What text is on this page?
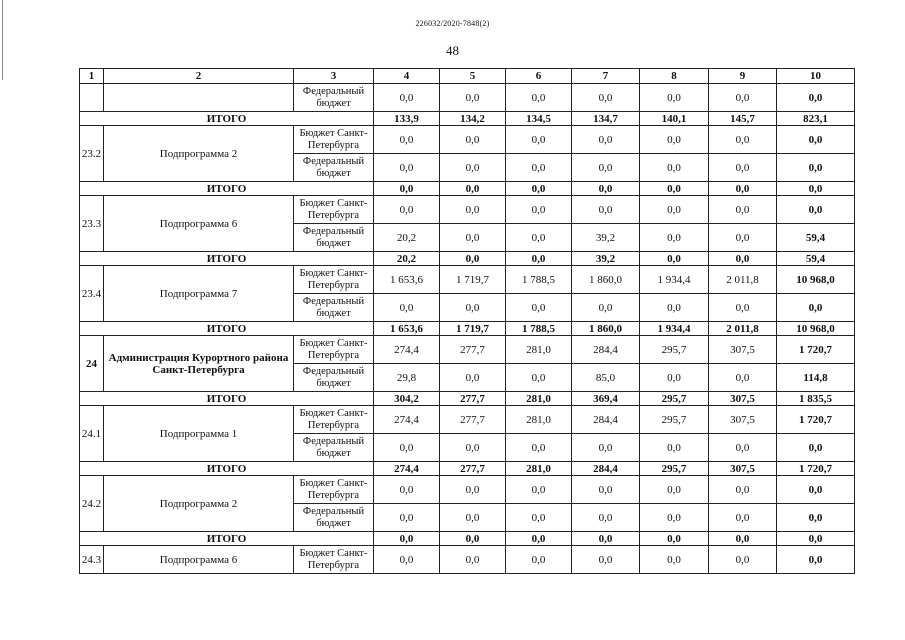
226032/2020-7848(2)
48
1	2	3	4	5	6	7	8	9	10
		Федеральный бюджет	0,0	0,0	0,0	0,0	0,0	0,0	0,0
ИТОГО			133,9	134,2	134,5	134,7	140,1	145,7	823,1
23.2	Подпрограмма 2	Бюджет Санкт-Петербурга	0,0	0,0	0,0	0,0	0,0	0,0	0,0
		Федеральный бюджет	0,0	0,0	0,0	0,0	0,0	0,0	0,0
ИТОГО			0,0	0,0	0,0	0,0	0,0	0,0	0,0
23.3	Подпрограмма 6	Бюджет Санкт-Петербурга	0,0	0,0	0,0	0,0	0,0	0,0	0,0
		Федеральный бюджет	20,2	0,0	0,0	39,2	0,0	0,0	59,4
ИТОГО			20,2	0,0	0,0	39,2	0,0	0,0	59,4
23.4	Подпрограмма 7	Бюджет Санкт-Петербурга	1 653,6	1 719,7	1 788,5	1 860,0	1 934,4	2 011,8	10 968,0
		Федеральный бюджет	0,0	0,0	0,0	0,0	0,0	0,0	0,0
ИТОГО			1 653,6	1 719,7	1 788,5	1 860,0	1 934,4	2 011,8	10 968,0
24	Администрация Курортного района Санкт-Петербурга	Бюджет Санкт-Петербурга	274,4	277,7	281,0	284,4	295,7	307,5	1 720,7
		Федеральный бюджет	29,8	0,0	0,0	85,0	0,0	0,0	114,8
ИТОГО			304,2	277,7	281,0	369,4	295,7	307,5	1 835,5
24.1	Подпрограмма 1	Бюджет Санкт-Петербурга	274,4	277,7	281,0	284,4	295,7	307,5	1 720,7
		Федеральный бюджет	0,0	0,0	0,0	0,0	0,0	0,0	0,0
ИТОГО			274,4	277,7	281,0	284,4	295,7	307,5	1 720,7
24.2	Подпрограмма 2	Бюджет Санкт-Петербурга	0,0	0,0	0,0	0,0	0,0	0,0	0,0
		Федеральный бюджет	0,0	0,0	0,0	0,0	0,0	0,0	0,0
ИТОГО			0,0	0,0	0,0	0,0	0,0	0,0	0,0
24.3	Подпрограмма 6	Бюджет Санкт-Петербурга	0,0	0,0	0,0	0,0	0,0	0,0	0,0
